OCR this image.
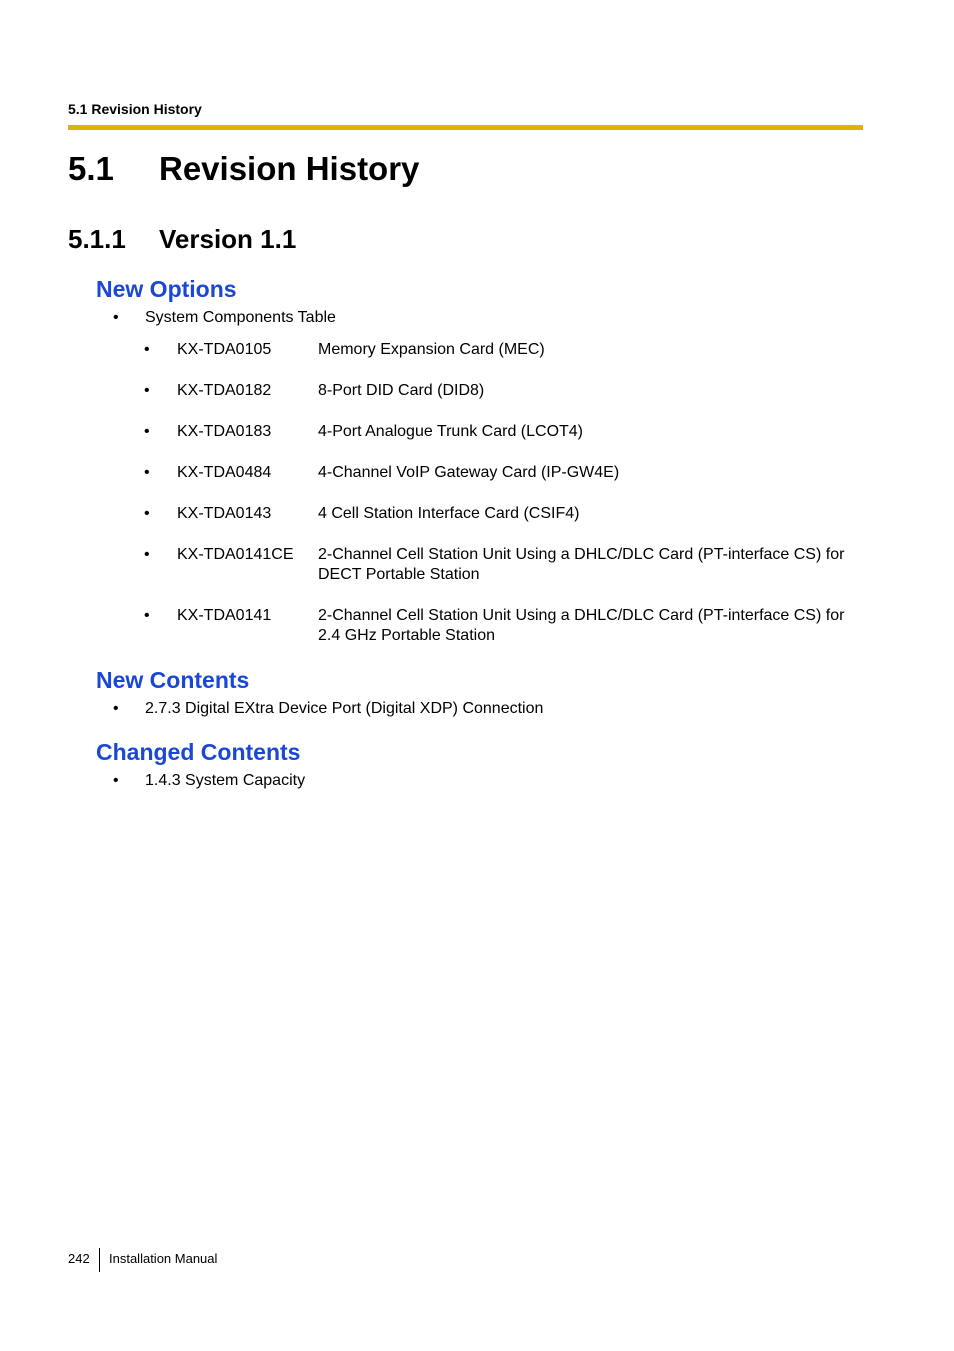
5.1 Revision History
5.1 Revision History
5.1.1 Version 1.1
New Options
• System Components Table
• KX-TDA0105	Memory Expansion Card (MEC)
• KX-TDA0182	8-Port DID Card (DID8)
• KX-TDA0183	4-Port Analogue Trunk Card (LCOT4)
• KX-TDA0484	4-Channel VoIP Gateway Card (IP-GW4E)
• KX-TDA0143	4 Cell Station Interface Card (CSIF4)
• KX-TDA0141CE 2-Channel Cell Station Unit Using a DHLC/DLC Card (PT-interface CS) for DECT Portable Station
• KX-TDA0141	2-Channel Cell Station Unit Using a DHLC/DLC Card (PT-interface CS) for 2.4 GHz Portable Station
New Contents
• 2.7.3 Digital EXtra Device Port (Digital XDP) Connection
Changed Contents
• 1.4.3 System Capacity
242 Installation Manual
